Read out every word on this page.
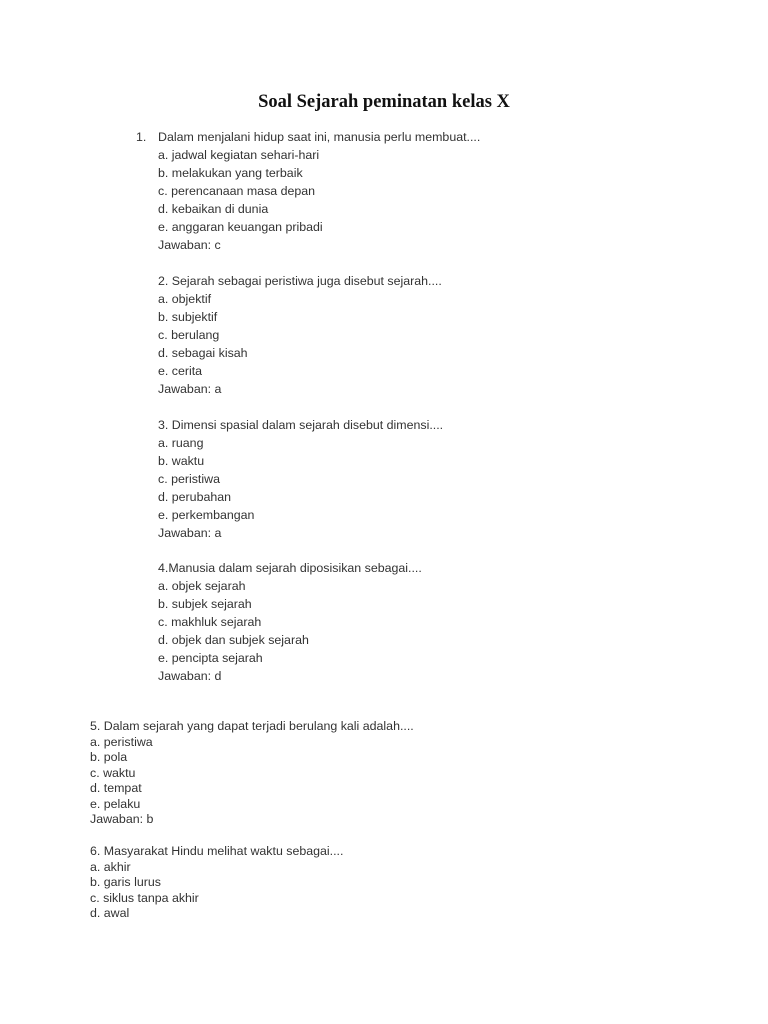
Soal Sejarah peminatan kelas X
1. Dalam menjalani hidup saat ini, manusia perlu membuat....
a. jadwal kegiatan sehari-hari
b. melakukan yang terbaik
c. perencanaan masa depan
d. kebaikan di dunia
e. anggaran keuangan pribadi
Jawaban: c
2. Sejarah sebagai peristiwa juga disebut sejarah....
a. objektif
b. subjektif
c. berulang
d. sebagai kisah
e. cerita
Jawaban: a
3. Dimensi spasial dalam sejarah disebut dimensi....
a. ruang
b. waktu
c. peristiwa
d. perubahan
e. perkembangan
Jawaban: a
4.Manusia dalam sejarah diposisikan sebagai....
a. objek sejarah
b. subjek sejarah
c. makhluk sejarah
d. objek dan subjek sejarah
e. pencipta sejarah
Jawaban: d
5. Dalam sejarah yang dapat terjadi berulang kali adalah....
a. peristiwa
b. pola
c. waktu
d. tempat
e. pelaku
Jawaban: b
6. Masyarakat Hindu melihat waktu sebagai....
a. akhir
b. garis lurus
c. siklus tanpa akhir
d. awal
